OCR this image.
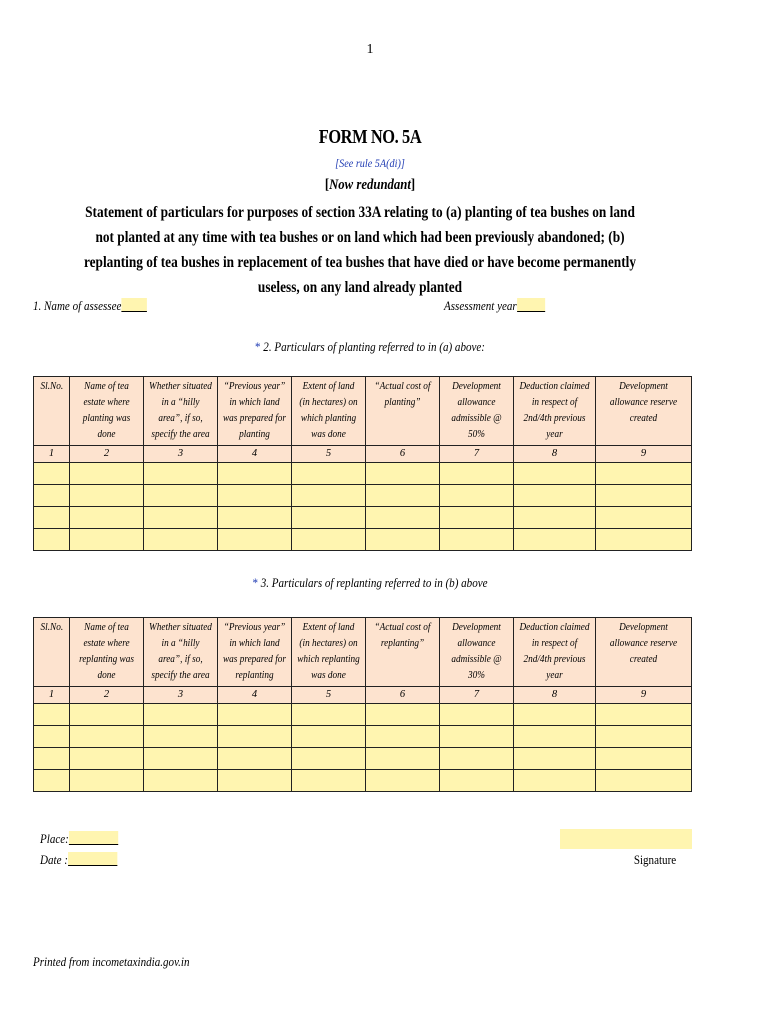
1
FORM NO. 5A
[See rule 5A(di)]
[Now redundant]
Statement of particulars for purposes of section 33A relating to (a) planting of tea bushes on land not planted at any time with tea bushes or on land which had been previously abandoned; (b) replanting of tea bushes in replacement of tea bushes that have died or have become permanently useless, on any land already planted
1. Name of assessee	Assessment year
* 2. Particulars of planting referred to in (a) above:
Sl.No.	Name of tea estate where planting was done	Whether situated in a “hilly area”, if so, specify the area	“Previous year” in which land was prepared for planting	Extent of land (in hectares) on which planting was done	“Actual cost of planting”	Development allowance admissible @ 50%	Deduction claimed in respect of 2nd/4th previous year	Development allowance reserve created
1	2	3	4	5	6	7	8	9

* 3. Particulars of replanting referred to in (b) above
Sl.No.	Name of tea estate where replanting was done	Whether situated in a “hilly area”, if so, specify the area	“Previous year” in which land was prepared for replanting	Extent of land (in hectares) on which replanting was done	“Actual cost of replanting”	Development allowance admissible @ 30%	Deduction claimed in respect of 2nd/4th previous year	Development allowance reserve created
1	2	3	4	5	6	7	8	9

Place:
Date :	Signature
Printed from incometaxindia.gov.in
